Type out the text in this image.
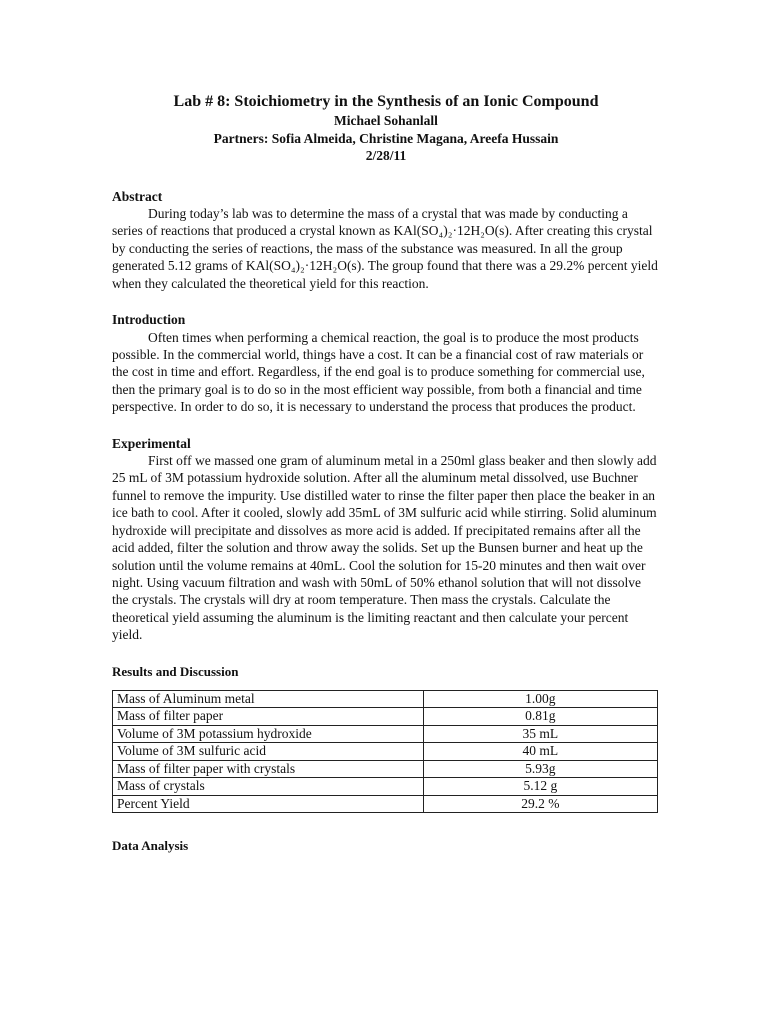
Lab # 8: Stoichiometry in the Synthesis of an Ionic Compound

Michael Sohanlall

Partners: Sofia Almeida, Christine Magana, Areefa Hussain

2/28/11

Abstract

During today’s lab was to determine the mass of a crystal that was made by conducting a series of reactions that produced a crystal known as KAl(SO₄)₂·12H₂O(s). After creating this crystal by conducting the series of reactions, the mass of the substance was measured. In all the group generated 5.12 grams of KAl(SO₄)₂·12H₂O(s). The group found that there was a 29.2% percent yield when they calculated the theoretical yield for this reaction.

Introduction

Often times when performing a chemical reaction, the goal is to produce the most products possible. In the commercial world, things have a cost. It can be a financial cost of raw materials or the cost in time and effort. Regardless, if the end goal is to produce something for commercial use, then the primary goal is to do so in the most efficient way possible, from both a financial and time perspective. In order to do so, it is necessary to understand the process that produces the product.

Experimental

First off we massed one gram of aluminum metal in a 250ml glass beaker and then slowly add 25 mL of 3M potassium hydroxide solution. After all the aluminum metal dissolved, use Buchner funnel to remove the impurity. Use distilled water to rinse the filter paper then place the beaker in an ice bath to cool. After it cooled, slowly add 35mL of 3M sulfuric acid while stirring. Solid aluminum hydroxide will precipitate and dissolves as more acid is added. If precipitated remains after all the acid added, filter the solution and throw away the solids. Set up the Bunsen burner and heat up the solution until the volume remains at 40mL. Cool the solution for 15-20 minutes and then wait over night. Using vacuum filtration and wash with 50mL of 50% ethanol solution that will not dissolve the crystals. The crystals will dry at room temperature. Then mass the crystals. Calculate the theoretical yield assuming the aluminum is the limiting reactant and then calculate your percent yield.

Results and Discussion
Mass of Aluminum metal	1.00g
Mass of filter paper	0.81g
Volume of 3M potassium hydroxide	35 mL
Volume of 3M sulfuric acid	40 mL
Mass of filter paper with crystals	5.93g
Mass of crystals	5.12 g
Percent Yield	29.2 %
Data Analysis
